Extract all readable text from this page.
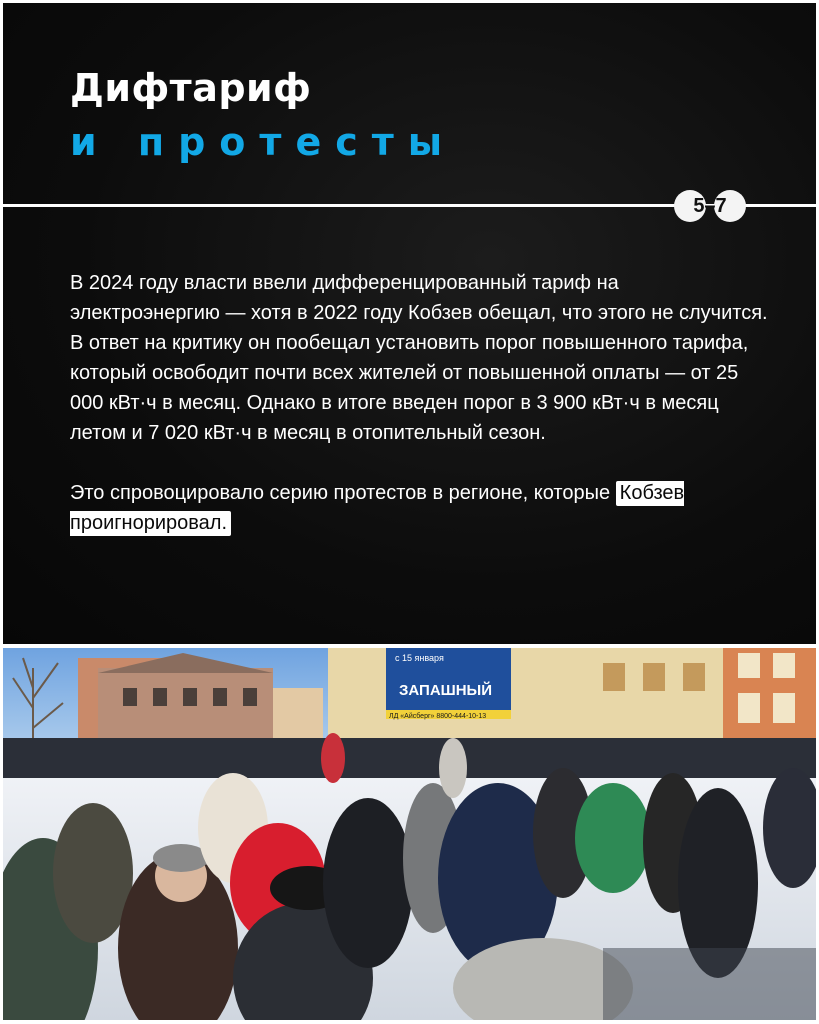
Дифтариф
и протесты
5–7

В 2024 году власти ввели дифференцированный тариф на электроэнергию — хотя в 2022 году Кобзев обещал, что этого не случится. В ответ на критику он пообещал установить порог повышенного тарифа, который освободит почти всех жителей от повышенной оплаты — от 25 000 кВт·ч в месяц. Однако в итоге введен порог в 3 900 кВт·ч в месяц летом и 7 020 кВт·ч в месяц в отопительный сезон.

Это спровоцировало серию протестов в регионе, которые Кобзев проигнорировал.

с 15 января
ЗАПАШНЫЙ
ЛД «Айсберг» 8800-444-10-13
